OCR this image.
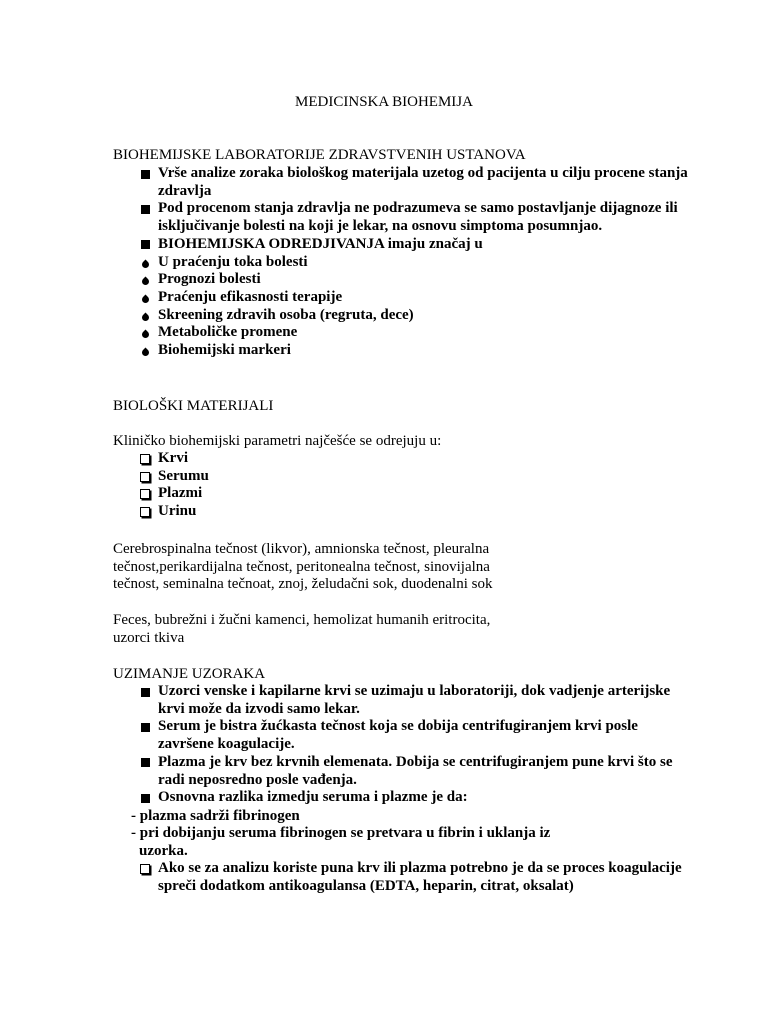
MEDICINSKA BIOHEMIJA
BIOHEMIJSKE LABORATORIJE ZDRAVSTVENIH USTANOVA
Vrše analize zoraka biološkog materijala uzetog od pacijenta u cilju procene stanja zdravlja
Pod procenom stanja zdravlja ne podrazumeva se samo postavljanje dijagnoze ili isključivanje bolesti na koji je lekar, na osnovu simptoma posumnjao.
BIOHEMIJSKA ODREDJIVANJA imaju značaj u
U praćenju toka bolesti
Prognozi bolesti
Praćenju efikasnosti terapije
Skreening zdravih osoba (regruta, dece)
Metaboličke promene
Biohemijski markeri
BIOLOŠKI MATERIJALI
Kliničko biohemijski parametri najčešće se odrejuju u:
Krvi
Serumu
Plazmi
Urinu
Cerebrospinalna tečnost (likvor), amnionska tečnost, pleuralna
tečnost,perikardijalna tečnost, peritonealna tečnost, sinovijalna
tečnost, seminalna tečnoat, znoj, želudačni sok, duodenalni sok
Feces, bubrežni i žučni kamenci, hemolizat humanih eritrocita,
uzorci tkiva
UZIMANJE UZORAKA
Uzorci venske i kapilarne krvi se uzimaju u laboratoriji, dok vadjenje arterijske krvi može da izvodi samo lekar.
Serum je bistra žućkasta tečnost koja se dobija centrifugiranjem krvi posle završene koagulacije.
Plazma je krv bez krvnih elemenata. Dobija se centrifugiranjem pune krvi što se radi neposredno posle vađenja.
Osnovna razlika izmedju seruma i plazme je da:
- plazma sadrži fibrinogen
- pri dobijanju seruma fibrinogen se pretvara u fibrin i uklanja iz
uzorka.
Ako se za analizu koriste puna krv ili plazma potrebno je da se proces koagulacije spreči dodatkom antikoagulansa (EDTA, heparin, citrat, oksalat)
